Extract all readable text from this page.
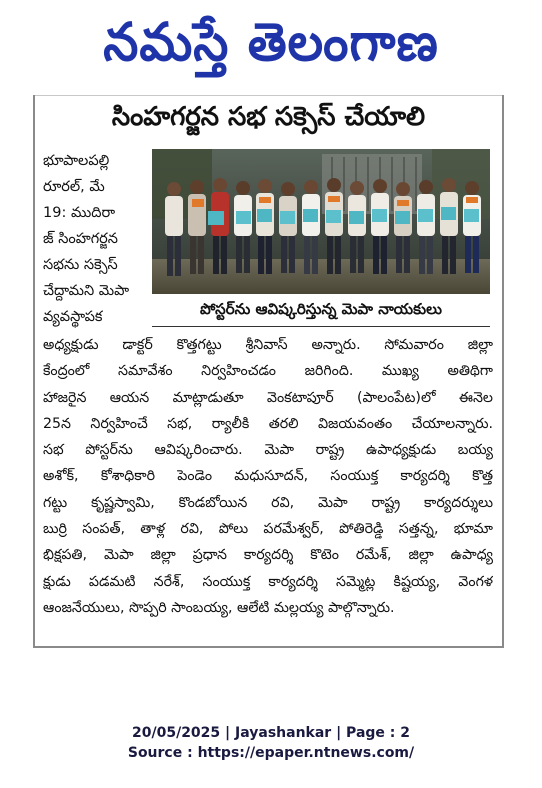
నమస్తే తెలంగాణ
సింహగర్జన సభ సక్సెస్ చేయాలి
భూపాలపల్లి
రూరల్, మే
19: ముదిరా
జ్ సింహగర్జన
సభను సక్సెస్
చేద్దామని మెపా
వ్యవస్థాపక	పోస్టర్‌ను ఆవిష్కరిస్తున్న మెపా నాయకులు
అధ్యక్షుడు డాక్టర్ కొత్తగట్టు శ్రీనివాస్ అన్నారు. సోమవారం జిల్లా
కేంద్రంలో సమావేశం నిర్వహించడం జరిగింది. ముఖ్య అతిథిగా
హాజరైన ఆయన మాట్లాడుతూ వెంకటాపూర్ (పాలంపేట)లో ఈనెల
25న నిర్వహించే సభ, ర్యాలీకి తరలి విజయవంతం చేయాలన్నారు.
సభ పోస్టర్‌ను ఆవిష్కరించారు. మెపా రాష్ట్ర ఉపాధ్యక్షుడు బయ్య
అశోక్, కోశాధికారి పెండెం మధుసూదన్, సంయుక్త కార్యదర్శి కొత్త
గట్టు కృష్ణస్వామి, కొండబోయిన రవి, మెపా రాష్ట్ర కార్యదర్శులు
బుర్రి సంపత్, తాళ్ల రవి, పోలు పరమేశ్వర్, పోతిరెడ్డి సత్తన్న, భూమా
భిక్షపతి, మెపా జిల్లా ప్రధాన కార్యదర్శి కొటెం రమేశ్, జిల్లా ఉపాధ్య
క్షుడు పడమటి నరేశ్, సంయుక్త కార్యదర్శి సమ్మెట్ల కిష్టయ్య, వెంగళ
ఆంజనేయులు, సొప్పరి సాంబయ్య, ఆలేటి మల్లయ్య పాల్గొన్నారు.
20/05/2025 | Jayashankar | Page : 2
Source : https://epaper.ntnews.com/
